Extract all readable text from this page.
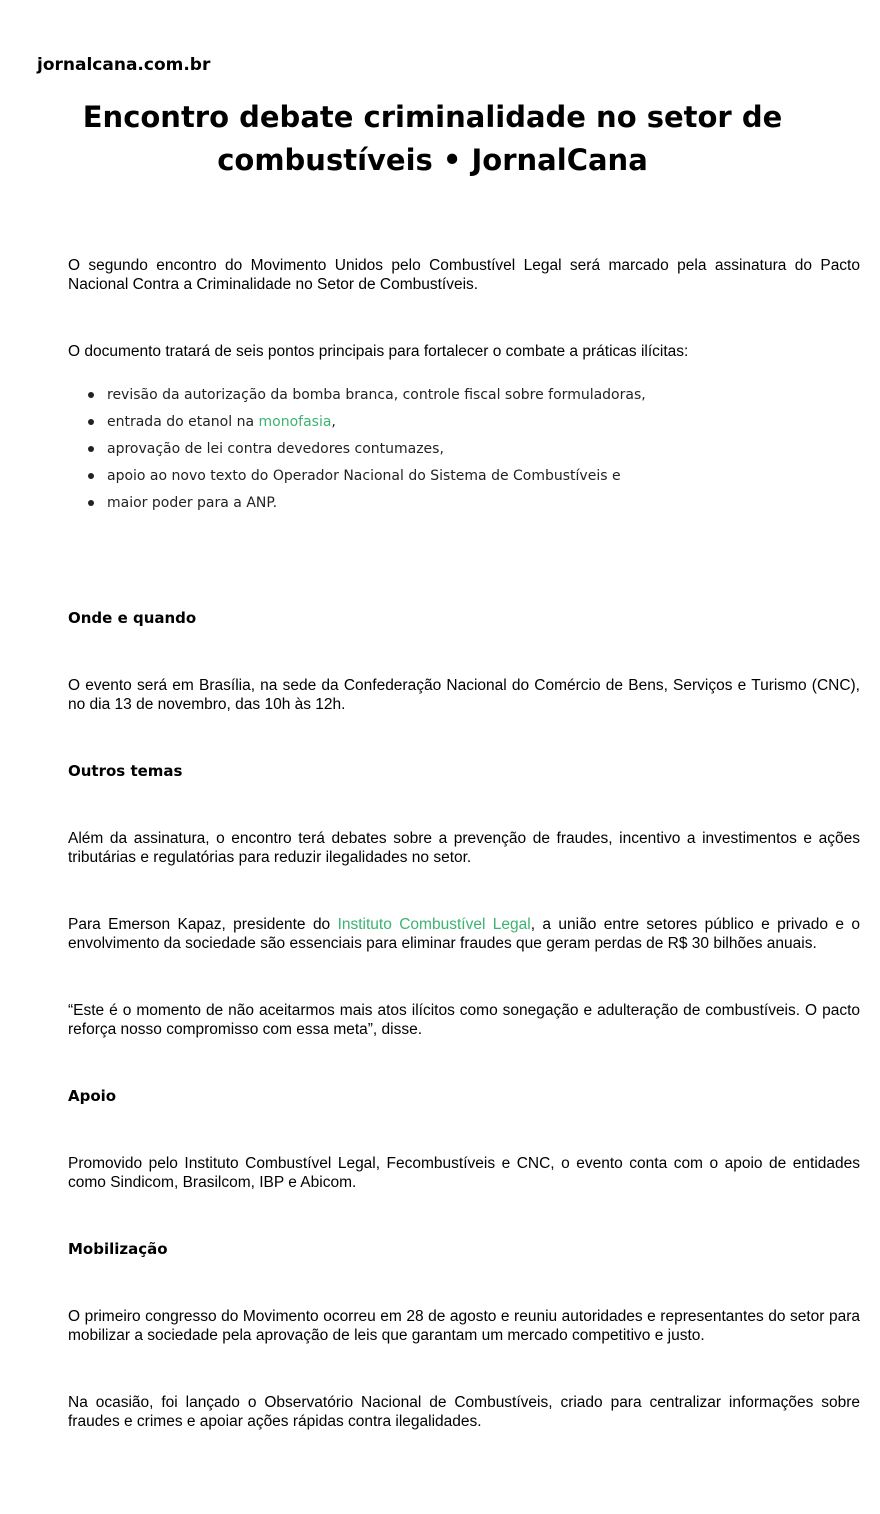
jornalcana.com.br
Encontro debate criminalidade no setor de
combustíveis • JornalCana

O segundo encontro do Movimento Unidos pelo Combustível Legal será marcado pela assinatura do Pacto Nacional Contra a Criminalidade no Setor de Combustíveis.

O documento tratará de seis pontos principais para fortalecer o combate a práticas ilícitas:

revisão da autorização da bomba branca, controle fiscal sobre formuladoras,
entrada do etanol na monofasia,
aprovação de lei contra devedores contumazes,
apoio ao novo texto do Operador Nacional do Sistema de Combustíveis e
maior poder para a ANP.
Onde e quando

O evento será em Brasília, na sede da Confederação Nacional do Comércio de Bens, Serviços e Turismo (CNC), no dia 13 de novembro, das 10h às 12h.

Outros temas

Além da assinatura, o encontro terá debates sobre a prevenção de fraudes, incentivo a investimentos e ações tributárias e regulatórias para reduzir ilegalidades no setor.

Para Emerson Kapaz, presidente do Instituto Combustível Legal, a união entre setores público e privado e o envolvimento da sociedade são essenciais para eliminar fraudes que geram perdas de R$ 30 bilhões anuais.

“Este é o momento de não aceitarmos mais atos ilícitos como sonegação e adulteração de combustíveis. O pacto reforça nosso compromisso com essa meta”, disse.

Apoio

Promovido pelo Instituto Combustível Legal, Fecombustíveis e CNC, o evento conta com o apoio de entidades como Sindicom, Brasilcom, IBP e Abicom.

Mobilização

O primeiro congresso do Movimento ocorreu em 28 de agosto e reuniu autoridades e representantes do setor para mobilizar a sociedade pela aprovação de leis que garantam um mercado competitivo e justo.

Na ocasião, foi lançado o Observatório Nacional de Combustíveis, criado para centralizar informações sobre fraudes e crimes e apoiar ações rápidas contra ilegalidades.
